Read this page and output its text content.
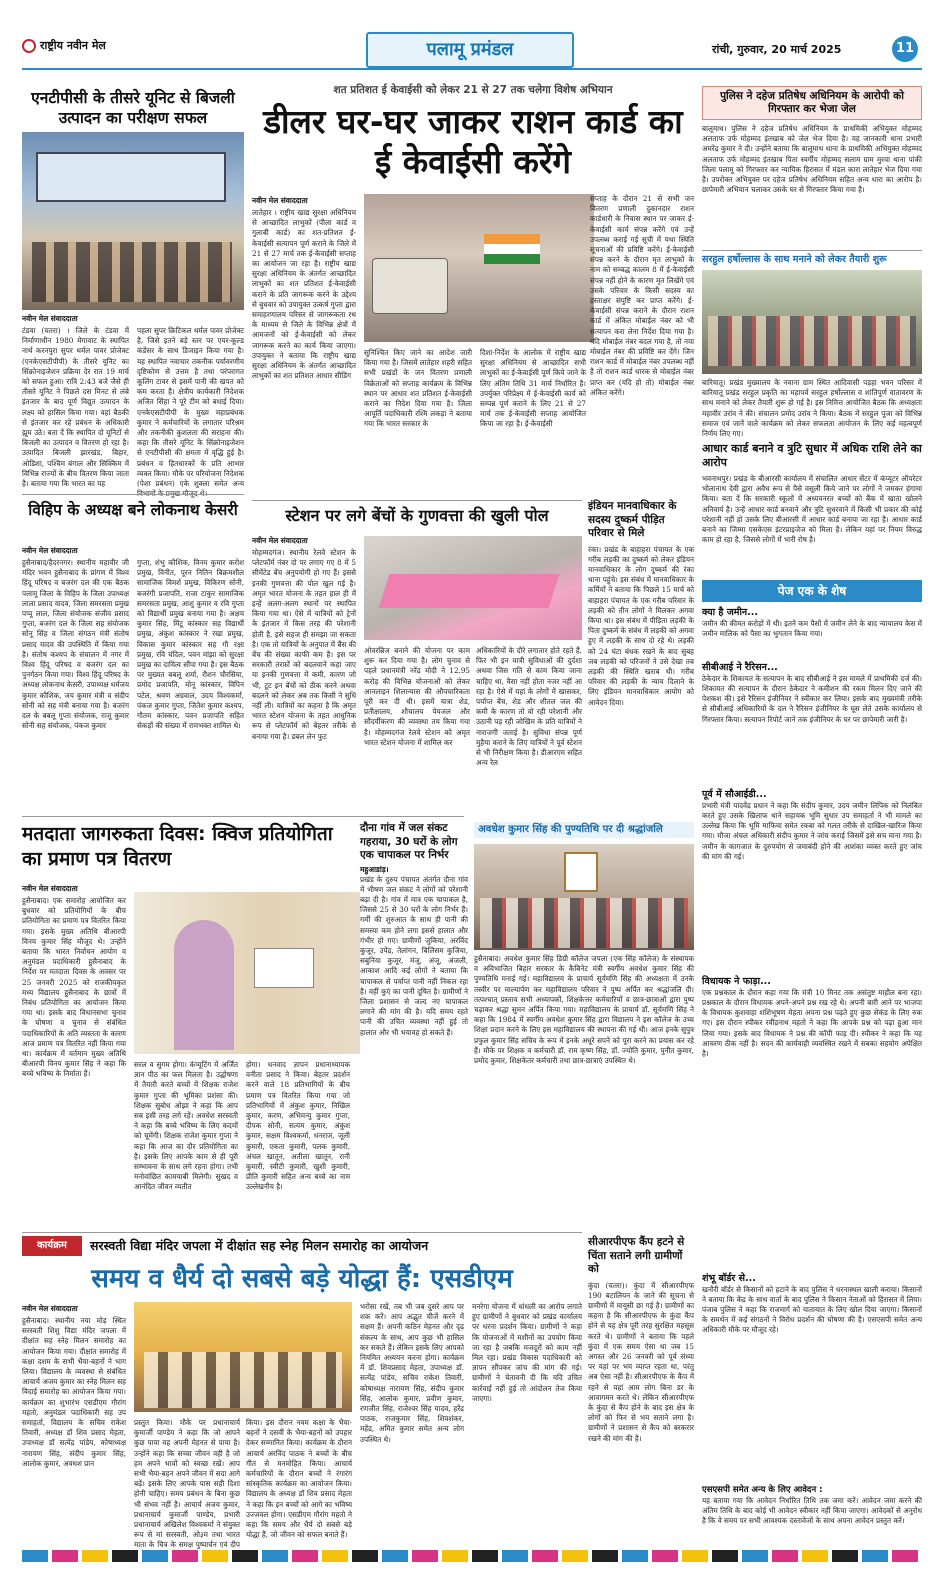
राष्ट्रीय नवीन मेल	पलामू प्रमंडल	रांची, गुरुवार, 20 मार्च 2025	11
एनटीपीसी के तीसरे यूनिट से बिजली उत्पादन का परीक्षण सफल
नवीन मेल संवाददाता
टंडवा (चतरा) । जिले के टंडवा में निर्माणाधीन 1980 मेगावाट के स्थापित नार्थ करनपुरा सुपर थर्मल पावर प्रोजेक्ट (एनकेएसटीपीपी) के तीसरे यूनिट का सिंक्रोनाइजेशन प्रक्रिया देर रात 19 मार्च को सफल हुआ। रात्रि 2:43 बजे जैसे ही तीसरे यूनिट ने पिछले दस मिनट से लंबे इंतजार के बाद पूर्ण विद्युत उत्पादन के लक्ष्य को हासिल किया गया। वहां बैठकी से इंतजार कर रहे प्रबंधन के अधिकारी झूम उठे। बता दें कि स्थापित दो यूनिटों से बिजली का उत्पादन व वितरण हो रहा है। उत्पादित बिजली झारखंड, बिहार, ओडिशा, पश्चिम बंगाल और सिक्किम में विभिन्न राज्यों के बीच वितरण किया जाता है। बताया गया कि भारत का यह
पहला सुपर क्रिटिकल थर्मल पावर प्रोजेक्ट है, जिसे इतने बड़े स्तर पर एयर-कूल्ड कंडेंसर के साथ डिजाइन किया गया है। यह स्थापित नवाचार तकनीक पर्यावरणीय दृष्टिकोण से उत्तम है तथा परंपरागत कूलिंग टावर से इसमें पानी की खपत को कम करता है। क्षेत्रीय कार्यकारी निदेशक अजित सिंहा ने पूरे टीम को बधाई दिया। एनकेएसटीपीपी के मुख्य महाप्रबंधक कुमार ने कर्मचारियों के लगातार परिश्रम और तकनीकी कुशलता की सराहना की। कहा कि तीसरे यूनिट के सिंक्रोनाइजेशन से एनटीपीसी की क्षमता में वृद्धि हुई है। प्रबंधन व हितधारकों के प्रति आभार व्यक्त किया। मौके पर परियोजना निदेशक (पेशा प्रबंधन) एके शुक्ला समेत अन्य
शत प्रतिशत ई केवाईसी को लेकर 21 से 27 तक चलेगा विशेष अभियान
डीलर घर-घर जाकर राशन कार्ड का ई केवाईसी करेंगे
नवीन मेल संवाददाता
लातेहार । राष्ट्रीय खाद्य सुरक्षा अधिनियम से आच्छादित लाभुकों (पीला कार्ड व गुलाबी कार्ड) का शत-प्रतिशत ई-केवाईसी सत्यापन पूर्ण कराने के जिले में 21 से 27 मार्च तक ई-केवाईसी सप्ताह का आयोजन जा रहा है। राष्ट्रीय खाद्य सुरक्षा अधिनियम के अंतर्गत आच्छादित लाभुकों का शत प्रतिशत ई-केवाईसी कराने के प्रति जागरूक करने के उद्देश्य से बुधवार को उपायुक्त उत्कर्ष गुप्ता द्वारा समाहरणालय परिसर से जागरूकता रथ के माध्यम से जिले के विभिन्न क्षेत्रों में आमजनों को ई-केवाईसी को लेकर जागरूक करने का कार्य किया जाएगा। उपायुक्त ने बताया कि राष्ट्रीय खाद्य सुरक्षा अधिनियम के अंतर्गत आच्छादित लाभुकों का शत प्रतिशत आधार सीडिंग
सुनिश्चित किए जाने का आदेश जारी किया गया है। जिसमें लातेहार शहरी सहित सभी प्रखंडों के जन वितरण प्रणाली विक्रेताओं को सप्ताह कार्यक्रम के विभिन्न स्थान पर आधार शत प्रतिशत ई-केवाईसी कराने का निदेश दिया गया है। जिला आपूर्ति पदाधिकारी रश्मि लकड़ा ने बताया गया कि भारत सरकार के
दिशा-निर्देश के आलोक में राष्ट्रीय खाद्य सुरक्षा अधिनियम से आच्छादित सभी लाभुकों का ई-केवाईसी पूर्ण किये जाने के लिए अंतिम तिथि 31 मार्च निर्धारित है। उपर्युक्त परिप्रेक्ष्य में ई-केवाईसी कार्य को सम्पन्न पूर्ण कराने के लिए 21 से 27 मार्च तक ई-केवाईसी सप्ताह आयोजित किया जा रहा है। ई-केवाईसी
सप्ताह के दौरान 21 से सभी जन वितरण प्रणाली दुकानदार राशन कार्डधारी के निवास स्थान पर जाकर ई-केवाईसी कार्य संपन्न करेंगे एवं उन्हें उपलब्ध कराई गई सूची में यथा स्थिति सूचनाओं की प्रविष्टि करेंगे। ई-केवाईसी संपन्न करने के दौरान मृत लाभुकों के नाम को सम्बद्ध कालम 8 में ई-केवाईसी संपन्न नहीं होने के कारण मृत लिखेंगे एवं उसके परिवार के किसी सदस्य का हस्ताक्षर संपुष्टि कर प्राप्त करेंगे। ई-केवाईसी संपन्न कराने के दौरान राशन कार्ड में अंकित मोबाईल नंबर को भी सत्यापन करा लेना निर्देश दिया गया है। यदि मोबाईल नंबर बदल गया है, तो नया मोबाईल नंबर की प्रविष्टि कर देंगे। जिन राशन कार्ड में मोबाईल नंबर उपलब्ध नहीं है तो राशन कार्ड धारक से मोबाईल नंबर प्राप्त कर (यदि हो तो) मोबाईल नंबर अंकित करेंगे।
पुलिस ने दहेज प्रतिषेध अधिनियम के आरोपी को गिरफ्तार कर भेजा जेल
बालूमाथ। पुलिस ने दहेज प्रतिषेध अधिनियम के प्राथमिकी अभियुक्त मोहम्मद अलताफ उर्फ मोहम्मद इंतखाब को जेल भेज दिया है। यह जानकारी थाना प्रभारी अमरेंद्र कुमार ने दी। उन्होंने बताया कि बालूमाथ थाना के प्राथमिकी अभियुक्त मोहम्मद अलताफ उर्फ मोहम्मद इंतखाब पिता स्वर्गीय मोहम्मद सलाम ग्राम मुरवा थाना पांकी जिला पलामू को गिरफ्तार कर न्यायिक हिरासत में मंडल कारा लातेहार भेज दिया गया है। उपरोक्त अभियुक्त पर दहेज प्रतिषेध अधिनियम सहित अन्य धारा का आरोप है। छापेमारी अभियान चलाकर उसके घर से गिरफ्तार किया गया है।
सरहुल हर्षोल्लास के साथ मनाने को लेकर तैयारी शुरू
बारियातू। प्रखंड मुख्यालय के नवाना ग्राम स्थित आदिवासी पड़हा भवन परिसर में बारियातू प्रखंड सरहुल प्रकृति का महापर्व सरहुल हर्षोल्लास व शांतिपूर्ण वातावरण के साथ मनाने को लेकर तैयारी शुरू हो गई है। इस निमित्त आयोजित बैठक कि अध्यक्षता महावीर उरांव ने की। संचालन प्रमोद उरांव ने किया। बैठक में सरहुल पूजा को विभिन्न समाज एवं जानें वाले कार्यक्रम को लेकर सफलता आयोजन के लिए कई महत्वपूर्ण निर्णय लिए गए।
आधार कार्ड बनाने व त्रुटि सुधार में अधिक राशि लेने का आरोप
भवनाथपुर। प्रखंड के बीआरसी कार्यालय में संचालित आधार सेंटर में कंप्यूटर ऑपरेटर भोलानाथ देवी द्वारा अवैध रूप से पैसे वसूली किये जाने पर लोगों ने जमकर हंगामा किया। बता दें कि सरकारी स्कूलों में अध्ययनरत बच्चों को बैंक में खाता खोलने अनिवार्य है। उन्हें आधार कार्ड बनवाने और त्रुटि सुधरवाने में किसी भी प्रकार की कोई परेशानी नहीं हो उसके लिए बीआरसी में आधार कार्ड बनाया जा रहा है। आधार कार्ड बनाने का जिम्मा एसकेएस इंटरप्राइजेज को मिला है। लेकिन यहां पर नियम विरुद्ध काम हो रहा है, जिससे लोगों में भारी रोष है।
विहिप के अध्यक्ष बने लोकनाथ केसरी
नवीन मेल संवाददाता
हुसैनाबाद/हैदरनगर। स्थानीय महावीर जी मंदिर भवन हुसैनाबाद के प्रांगण में विश्व हिंदू परिषद व बजरंग दल की एक बैठक पलामू जिला के विहिप के जिला उपाध्यक्ष लाला प्रसाद यादव, जिला समरसता प्रमुख पप्पू लाल, जिला संयोजक संजीव प्रसाद गुप्ता, बजरंग दल के जिला सह संयोजक सोनू सिंह व जिला संगठन मंत्री संतोष प्रसाद यादव की उपस्थिति में किया गया है। संतोष कश्यप के संचालन में नगर में विश्व हिंदू परिषद व बजरंग दल का पुनर्गठन किया गया। विश्व हिंदू परिषद के अध्यक्ष लोकनाथ केसरी, उपाध्यक्ष धर्मजय कुमार कौशिक, जय कुमार मंत्री व संदीप सोनी को सह मंत्री बनाया गया है। बजरंग दल के बबलू गुप्ता संयोजक, राजू कुमार सोनी सह संयोजक, पंकज कुमार
गुप्ता, शंभु कौशिक, विनय कुमार करोश प्रमुख, विनीत, पूरन नितिन बिक्रमशील सामाजिक विमर्श प्रमुख, विकिरण सोनी, बजरंगी प्रजापति, राजा टाकुर सामाजिक समरसता प्रमुख, आशु कुमार व रवि गुप्ता को विद्यार्थी प्रमुख बनाया गया है। अक्षय कुमार सिंह, मिंटू कांस्कार सह विद्यार्थी प्रमुख, अंकुश कांस्कार ने रखा प्रमुख, विकास कुमार कांस्कार सह गौ रक्षा प्रमुख, रवि चंदिल, पवन मांझा को सुरक्षा प्रमुख का दायित्व सौंपा गया है। इस बैठक पर मुख्यत बबलू शर्मा, रौशन चौरसिया, प्रमोद प्रजापति, मोनू कांस्कार, विपिन पटेल, श्रवण अग्रवाल, उदय विश्वकर्मा, पंकज कुमार गुप्ता, जितेश कुमार कश्यप, गौतम कांस्कार, पवन प्रजापति सहित सेकड़ों की संख्या में रामभक्त शामिल थे।
स्टेशन पर लगे बेंचों के गुणवत्ता की खुली पोल
नवीन मेल संवाददाता
मोहम्मदगंज। स्थानीय रेलवे स्टेशन के प्लेटफॉर्म नंबर दो पर लगाए गए 8 में 5 सीमेंटेड बेंच अनुपयोगी हो गए हैं। इससे इनकी गुणवत्ता की पोल खुल गई है। अमृत भारत योजना के तहत हाल ही में इन्हें अलग-अलग स्थानों पर स्थापित किया गया था। ऐसे में यात्रियों को ट्रेनों के इंतजार में किस तरह की परेशानी होती है, इसे सहज ही समझा जा सकता है। एक तो यात्रियों के अनुपात में बैंस की बेंच की संख्या काफी कम है। इस पर सरकारी तरफ़ों को बदलवाने कहा जाए या इनकी गुणवत्ता में कमी, कारण जो भी, टूट इन बेंचों को ठीक करने अथवा बदलने को लेकर अब तक किसी ने सुधि नहीं ली। यात्रियों का कहना है कि अमृत भारत स्टेशन योजना के तहत आधुनिक रूप से प्लेटफॉर्म को बेहतर तरीके से बनाया गया है। डबल लेन फुट
ओवरब्रिज बनाने की योजना पर काम शुरू कर दिया गया है। लोग चुनाव से पहले प्रधानमंत्री नरेंद्र मोदी ने 12.95 करोड़ की विभिन्न योजनाओं को लेकर आनलाइन शिलान्यास की औपचारिकता पूरी कर दी थी। इसमें यात्रा शेड, प्रतीक्षालय, शौचालय पेयजल और सौंदर्यीकरण की व्यवस्था तय किया गया है। मोहम्मदगंज रेलवे स्टेशन को अमृत भारत स्टेशन योजना में शामिल कर
अधिकारियों के दौरे लगातार होते रहते हैं, फिर भी इन यात्री सुविधाओं की दुर्दशा अथवा जिस गति से काम किया जाना चाहिए था, वैसा नहीं होता नजर नहीं आ रहा है। ऐसे में यहां के लोगों में खासकर, पर्याप्त बेंच, शेड और शीतल जल की कमी के कारण तो वो रही परेशानी और उठानी पड़ रही जोखिम के प्रति यात्रियों ने नाराजगी जताई है। सुविधा संपन्न पूर्ण मुहैया कराने के लिए यात्रियों ने पूर्व स्टेशन से भी निरीक्षण किया है। डीआरएम सहित अन्य रेल
इंडियन मानवाधिकार के सदस्य दुष्कर्म पीड़ित परिवार से मिले
रंका। प्रखंड के बाहाहरा पंचायत के एक गरीब लड़की का दुष्कर्म को लेकर इंडियन मानवाधिकार के लोग दुष्कर्म की रंका थाना पहुंचे। इस संबंध में मानवाधिकार के कर्मियों ने बताया कि पिछले 15 मार्च को बाहाहरा पंचायत के एक गरीब परिवार के लड़की को तीन लोगों ने मिलकर अगवा किया था। इस संबंध में पीड़िता लड़की के पिता दुष्कर्म के संबंध में लड़की को अगवा हुए में लड़की के साथ दो रहे थे। लड़की को 24 घंटा बंधक रखने के बाद सुबह जब लड़की को परिजनों ने उसे देखा तब लड़की की स्थिति खराब थी। गरीब परिवार की लड़की के न्याय दिलाने के लिए इंडियन मानवाधिकार आयोग को आवेदन दिया।
पेज एक के शेष
क्या है जमीन...
जमीन की कीमत करोड़ों में थी। इतने कम पैसों में जमीन लेने के बाद न्यायालय केस में जमीन मालिक को पैसा का भुगतान किया गया।
सीबीआई ने रैरिसन...
ठेकेदार के शिकायत के सत्यापन के बाद सीबीआई ने इस मामले में प्राथमिकी दर्ज की। शिकायत की सत्यापन के दौरान ठेकेदार ने कमीशन की रकम मिलन दिए जाने की पेशकश की। इसे रैरिसन इंजीनियर ने स्वीकार कर लिया। इसके बाद मुख्यमंत्री तरीके से सीबीआई अधिकारियों के दल ने रैरिसन इंजीनियर के घूस लेते उसके कार्यालय से गिरफ्तार किया। सत्यापन रिपोर्ट जाने तक इंजीनियर के घर पर छापेमारी जारी है।
पूर्व में सौआईडी...
प्रभारी मंत्री यादवेंद्र प्रधान ने कहा कि संदीप कुमार, उदय जमीन लिपिक को निलंबित करते हुए उसके खिलाफ थाने सहायक भूमि सुधार उप समाहर्ता ने भी मामले का उल्लेख किया कि भूमि माफिया समेत रकबा को गलत तरीके से दाखिल-खारिज किया गया। मौजा अंचल अधिकारी संदीप कुमार ने जांच कराई जिसमें इसे सच माना गया है। जमीन के कागजात के दुरुपयोग से जमाबंदी होने की आशंका व्यक्त करते हुए जांच की मांग की गई।
विधायक ने फाड़ा...
एक प्रश्नकाल के दौरान कहा गया कि मंत्री 10 मिनट तक असंतुष्ट माहौल बना रहा। प्रश्नकाल के दौरान विधायक अपने-अपने प्रश्न रख रहे थे। अपनी बारी आने पर भाजपा के विधायक कुशवाहा शशिभूषण मेहता अपना प्रश्न पढ़ते हुए कुछ सेकंड के लिए रुक गए। इस दौरान स्पीकर रवींद्रनाथ महतो ने कहा कि आपके प्रश्न को पढ़ा हुआ मान लिया गया। इसके बाद विधायक ने प्रश्न की कॉपी फाड़ दी। स्पीकर ने कहा कि यह आचरण ठीक नहीं है। सदन की कार्यवाही व्यवस्थित रखने में सबका सहयोग अपेक्षित है।
शंभू बॉर्डर से...
खनौरी बॉर्डर से किसानों को हटाने के बाद पुलिस ने धरनास्थल खाली कराया। किसानों ने बताया कि केंद्र के साथ वार्ता के बाद पुलिस ने किसान नेताओं को हिरासत में लिया। पंजाब पुलिस ने कहा कि राजमार्ग को यातायात के लिए खोल दिया जाएगा। किसानों के समर्थन में कई संगठनों ने विरोध प्रदर्शन की घोषणा की है। एसएसपी समेत अन्य अधिकारी मौके पर मौजूद रहे।
मतदाता जागरुकता दिवस: क्विज प्रतियोगिता का प्रमाण पत्र वितरण
नवीन मेल संवाददाता
हुसैनाबाद। एक समारोह आयोजित कर बुधवार को प्रतियोगियों के बीच प्रतियोगिता का प्रमाण पत्र वितरित किया गया। इसके मुख्य अतिथि बीआरपी विनय कुमार सिंह मौजूद थे। उन्होंने बताया कि भारत निर्वाचन आयोग व अनुमंडल पदाधिकारी हुसैनाबाद के निर्देश पर मतदाता दिवस के अवसर पर 25 जनवरी 2025 को राजकीयकृत मध्य विद्यालय हुसैनाबाद के छात्रों में निबंध प्रतियोगिता का आयोजन किया गया था। इसके बाद विधानसभा चुनाव के घोषणा व चुनाव से संबंधित पदाधिकारियों के अति व्यस्तता के कारण आज प्रमाण पत्र वितरित नहीं किया गया था। कार्यक्रम में वर्तमान मुख्य अतिथि बीआरपी विनय कुमार सिंह ने कहा कि बच्चे भविष्य के निर्माता हैं।
सरल व सुगम होगा। कंप्यूटिंग में अर्जित ज्ञान पीठ का फल मिलता है। उद्घोषणा में तैयारी करते बच्चों में शिक्षक राजेश कुमार गुप्ता की भूमिका प्रशंसा की। शिक्षक सुबोध ओझा ने कहा कि आप सब इसी तरह लगे रहें। अवधेश सरस्वती ने कहा कि बच्चे भविष्य के लिए कदमों को चूमेंगी। शिक्षक राजेश कुमार गुप्ता ने कहा कि आज का दौर प्रतियोगिता का है। इसके लिए आपके काम से ही पूरी सम्भावना के साथ लगे रहना होगा। तभी मनोवांछित कामयाबी मिलेगी। सुखद व आनंदित जीवन व्यतीत
होगा। धनवाद ज्ञापन प्रधानाध्यापक वनीता प्रसाद ने किया। बेहतर प्रदर्शन करने वाले 18 प्रतिभागियों के बीच प्रमाण पत्र वितरित किया गया जो प्रतिभागियों में अंकुश कुमार, निखिल कुमार, करण, अभिमन्यु कुमार गुप्ता, दीपक सोनी, सत्यम कुमार, अंकुश कुमार, सक्षम विश्वकर्मा, धनराज, जूली कुमारी, एकता कुमारी, पलक कुमारी, अंचल खातून, अतीला खातून, रानी कुमारी, स्वीटी कुमारी, खुशी कुमारी, प्रीति कुमारी सहित अन्य बच्चे का नाम उल्लेखनीय है।
दौना गांव में जल संकट गहराया, 30 घरों के लोग एक चापाकल पर निर्भर
महुआडांड़।
प्रखंड के दुरुप पंचायत अंतर्गत दौना गांव में भीषण जल संकट ने लोगों को परेशानी बढ़ा दी है। गांव में मात्र एक चापाकल है, जिससे 25 से 30 घरों के लोग निर्भर हैं। गर्मी की शुरुआत के साथ ही पानी की समस्या कम होने लगा इससे हालात और गंभीर हो गए। ग्रामीणों जुकिया, अरविंद कुजूर, उपेंद्र, तेलांगन, बिलिसम कुजिया, सबुनिया कुजूर, मंजू, अंजू, अंजली, आकाश आदि कई लोगों ने बताया कि चापाकल से पर्याप्त पानी नहीं निकल रहा है। वहीं कुएं का पानी दूषित है। ग्रामीणों ने जिला प्रशासन से जल्द नए चापाकल लगाने की मांग की है। यदि समय रहते पानी की उचित व्यवस्था नहीं हुई तो हालात और भी भयावह हो सकते हैं।
अवधेश कुमार सिंह की पुण्यतिथि पर दी श्रद्धांजलि
हुसैनाबाद। अवधेश कुमार सिंह डिग्री कॉलेज जपला (एक सिंह कॉलेज) के संस्थापक व अविभाजित बिहार सरकार के कैबिनेट मंत्री स्वर्गीय अवधेश कुमार सिंह की पुण्यतिथि मनाई गई। महाविद्यालय के प्राचार्य सूर्यमणि सिंह की अध्यक्षता में उनके तस्वीर पर माल्यार्पण कर महाविद्यालय परिवार ने पुष्प अर्पित कर श्रद्धांजलि दी। तत्पश्चात् प्रस्ताव सभी अध्यापकों, शिक्षकेत्तर कर्मचारियों व छात्र-छात्राओं द्वारा पुष्प चढ़ाकर श्रद्धा सुमन अर्पित किया गया। महाविद्यालय के प्राचार्य डॉ. सूर्यमणि सिंह ने कहा कि 1984 में स्वर्गीय अवधेश कुमार सिंह द्वारा विद्यालय ने इस कॉलेज के उच्च शिक्षा प्रदान करने के लिए इस महाविद्यालय की स्थापना की गई थी। आज इनके सुपुत्र प्रफुल कुमार सिंह सचिव के रूप में इनके अधूरे सपने को पूरा करने का प्रयास कर रहे हैं। मौके पर शिक्षक व कर्मचारी डॉ. राम कृष्ण सिंह, डॉ. ज्योति कुमार, पुनीत कुमार, प्रमोद कुमार, शिक्षकेतर कर्मचारी तथा छात्र-छात्राएं उपस्थित थे।
कार्यक्रम	सरस्वती विद्या मंदिर जपला में दीक्षांत सह स्नेह मिलन समारोह का आयोजन
समय व धैर्य दो सबसे बड़े योद्धा हैं: एसडीएम
नवीन मेल संवाददाता
हुसैनाबाद। स्थानीय नया मोड़ स्थित सरस्वती शिशु विद्या मंदिर जपला में दीक्षांत सह स्नेह मिलन समारोह का आयोजन किया गया। दीक्षांत समारोह में कक्षा दशम के सभी भैया-बहनों ने भाग लिया। विद्यालय के व्यवस्था से संबंधित आचार्य अजय कुमार का स्नेह मिलन सह विदाई समारोह का आयोजन किया गया। कार्यक्रम का शुभारंभ एसडीएम गौरांग महतो, अनुमंडल पदाधिकारी सह उप समाहर्ता, विद्यालय के सचिव राकेश तिवारी, अध्यक्ष डॉ शिव प्रसाद मेहता, उपाध्यक्ष डॉ सत्येंद्र पांडेय, कोषाध्यक्ष नारायण सिंह, संदीप कुमार सिंह, आलोक कुमार, अवधश प्रान
प्रस्तुत किया। मौके पर प्रधानाचार्य कुमार्जी पाण्डेय ने कहा कि जो आपने कुछ पाया वह अपनी मेहनत से पाया है। उन्होंने कहा कि सच्चा जीवन वही है जो हम अपने भावों को स्वच्छ रखें। आप सभी भैया-बहन अपने जीवन में सदा आगे बढ़ें। इसके लिए आपके पास सही दिशा होनी चाहिए। समय प्रबंधन के बिना कुछ भी संभव नहीं है। आचार्य अजय कुमार, प्रधानाचार्य कुमार्जी पाण्डेय, प्रभारी प्रधानाचार्य अखिलेश विश्वकर्मा ने संयुक्त रूप से मां सरस्वती, ओ३म तथा भारत माता के चित्र के समक्ष पुष्पार्चन एवं दीप
किया। इस दौरान नवम कक्षा के भैया-बहनों ने दसवीं के भैया-बहनों को उपहार देकर सम्मानित किया। कार्यक्रम के दौरान आचार्य अरविंद पाठक ने बच्चों के बीच गीत से मनमोहित किया। आचार्य कर्मचारियों के दौरान बच्चों ने रंगारंग सांस्कृतिक कार्यक्रम का आयोजन किया। विद्यालय के अध्यक्ष डॉ शिव प्रसाद मेहता ने कहा कि इन बच्चों को आगे का भविष्य उज्जवल होगा। एसडीएम गौरांग महतो ने कहा कि समय और धैर्य दो सबसे बड़े योद्धा हैं, जो जीवन को सफल बनाते हैं।
भरोसा रखें, तब भी जब दुसरे आप पर शक करें। आप अद्भुत चीजें करने में सक्षम हैं। अपनी कठिन मेहनत और दृढ़ संकल्प के साथ, आप कुछ भी हासिल कर सकते हैं। लेकिन इसके लिए आपको नियमित अध्ययन करना होगा। कार्यक्रम में डॉ. शिवप्रसाद मेहता, उपाध्यक्ष डॉ. सत्येंद्र पांडेय, सचिव राकेश तिवारी, कोषाध्यक्ष नारायण सिंह, संदीप कुमार सिंह, आलोक कुमार, प्रवीण कुमार, रणजीत सिंह, राजेश्वर सिंह यादव, हरेंद्र पाठक, राजकुमार सिंह, शिवशंकर, महेंद्र, अमित कुमार समेत अन्य लोग उपस्थित थे।
मनरेगा योजना में धांधली का आरोप लगाते हुए ग्रामीणों ने बुधवार को प्रखंड कार्यालय पर धरना प्रदर्शन किया। ग्रामीणों ने कहा कि योजनाओं में मशीनों का उपयोग किया जा रहा है जबकि मजदूरों को काम नहीं मिल रहा। प्रखंड विकास पदाधिकारी को ज्ञापन सौंपकर जांच की मांग की गई। ग्रामीणों ने चेतावनी दी कि यदि उचित कार्रवाई नहीं हुई तो आंदोलन तेज किया जाएगा।
सीआरपीएफ कैंप हटने से चिंता सताने लगी ग्रामीणों को
कुंदा (चतरा)। कुंदा में सीआरपीएफ 190 बटालियन के जाने की सूचना से ग्रामीणों में मायूसी छा गई है। ग्रामीणों का कहना है कि सीआरपीएफ के कुंदा कैंप होने से यह क्षेत्र पूरी तरह सुरक्षित महसूस करते थे। ग्रामीणों ने बताया कि पहले कुंदा में एक समय ऐसा था जब 15 अगस्त और 26 जनवरी को पूर्व संध्या पर यहां पर भय व्याप्त रहता था, परंतु अब ऐसा नहीं है। सीआरपीएफ के कैंप में रहने से यहां आम लोग बिना डर के आवागमन करते थे। लेकिन सीआरपीएफ के कुंदा से कैंप होने के बाद इस क्षेत्र के लोगों को फिर से भय सताने लगा है। ग्रामीणों ने प्रशासन से कैंप को बरकरार रखने की मांग की है।
एसएसपी समेत अन्य के लिए आवेदन :
यह बताया गया कि आवेदन निर्धारित तिथि तक जमा करें। आवेदन जमा करने की अंतिम तिथि के बाद कोई भी आवेदन स्वीकार नहीं किया जाएगा। आवेदकों से अनुरोध है कि वे समय पर सभी आवश्यक दस्तावेजों के साथ अपना आवेदन प्रस्तुत करें।
